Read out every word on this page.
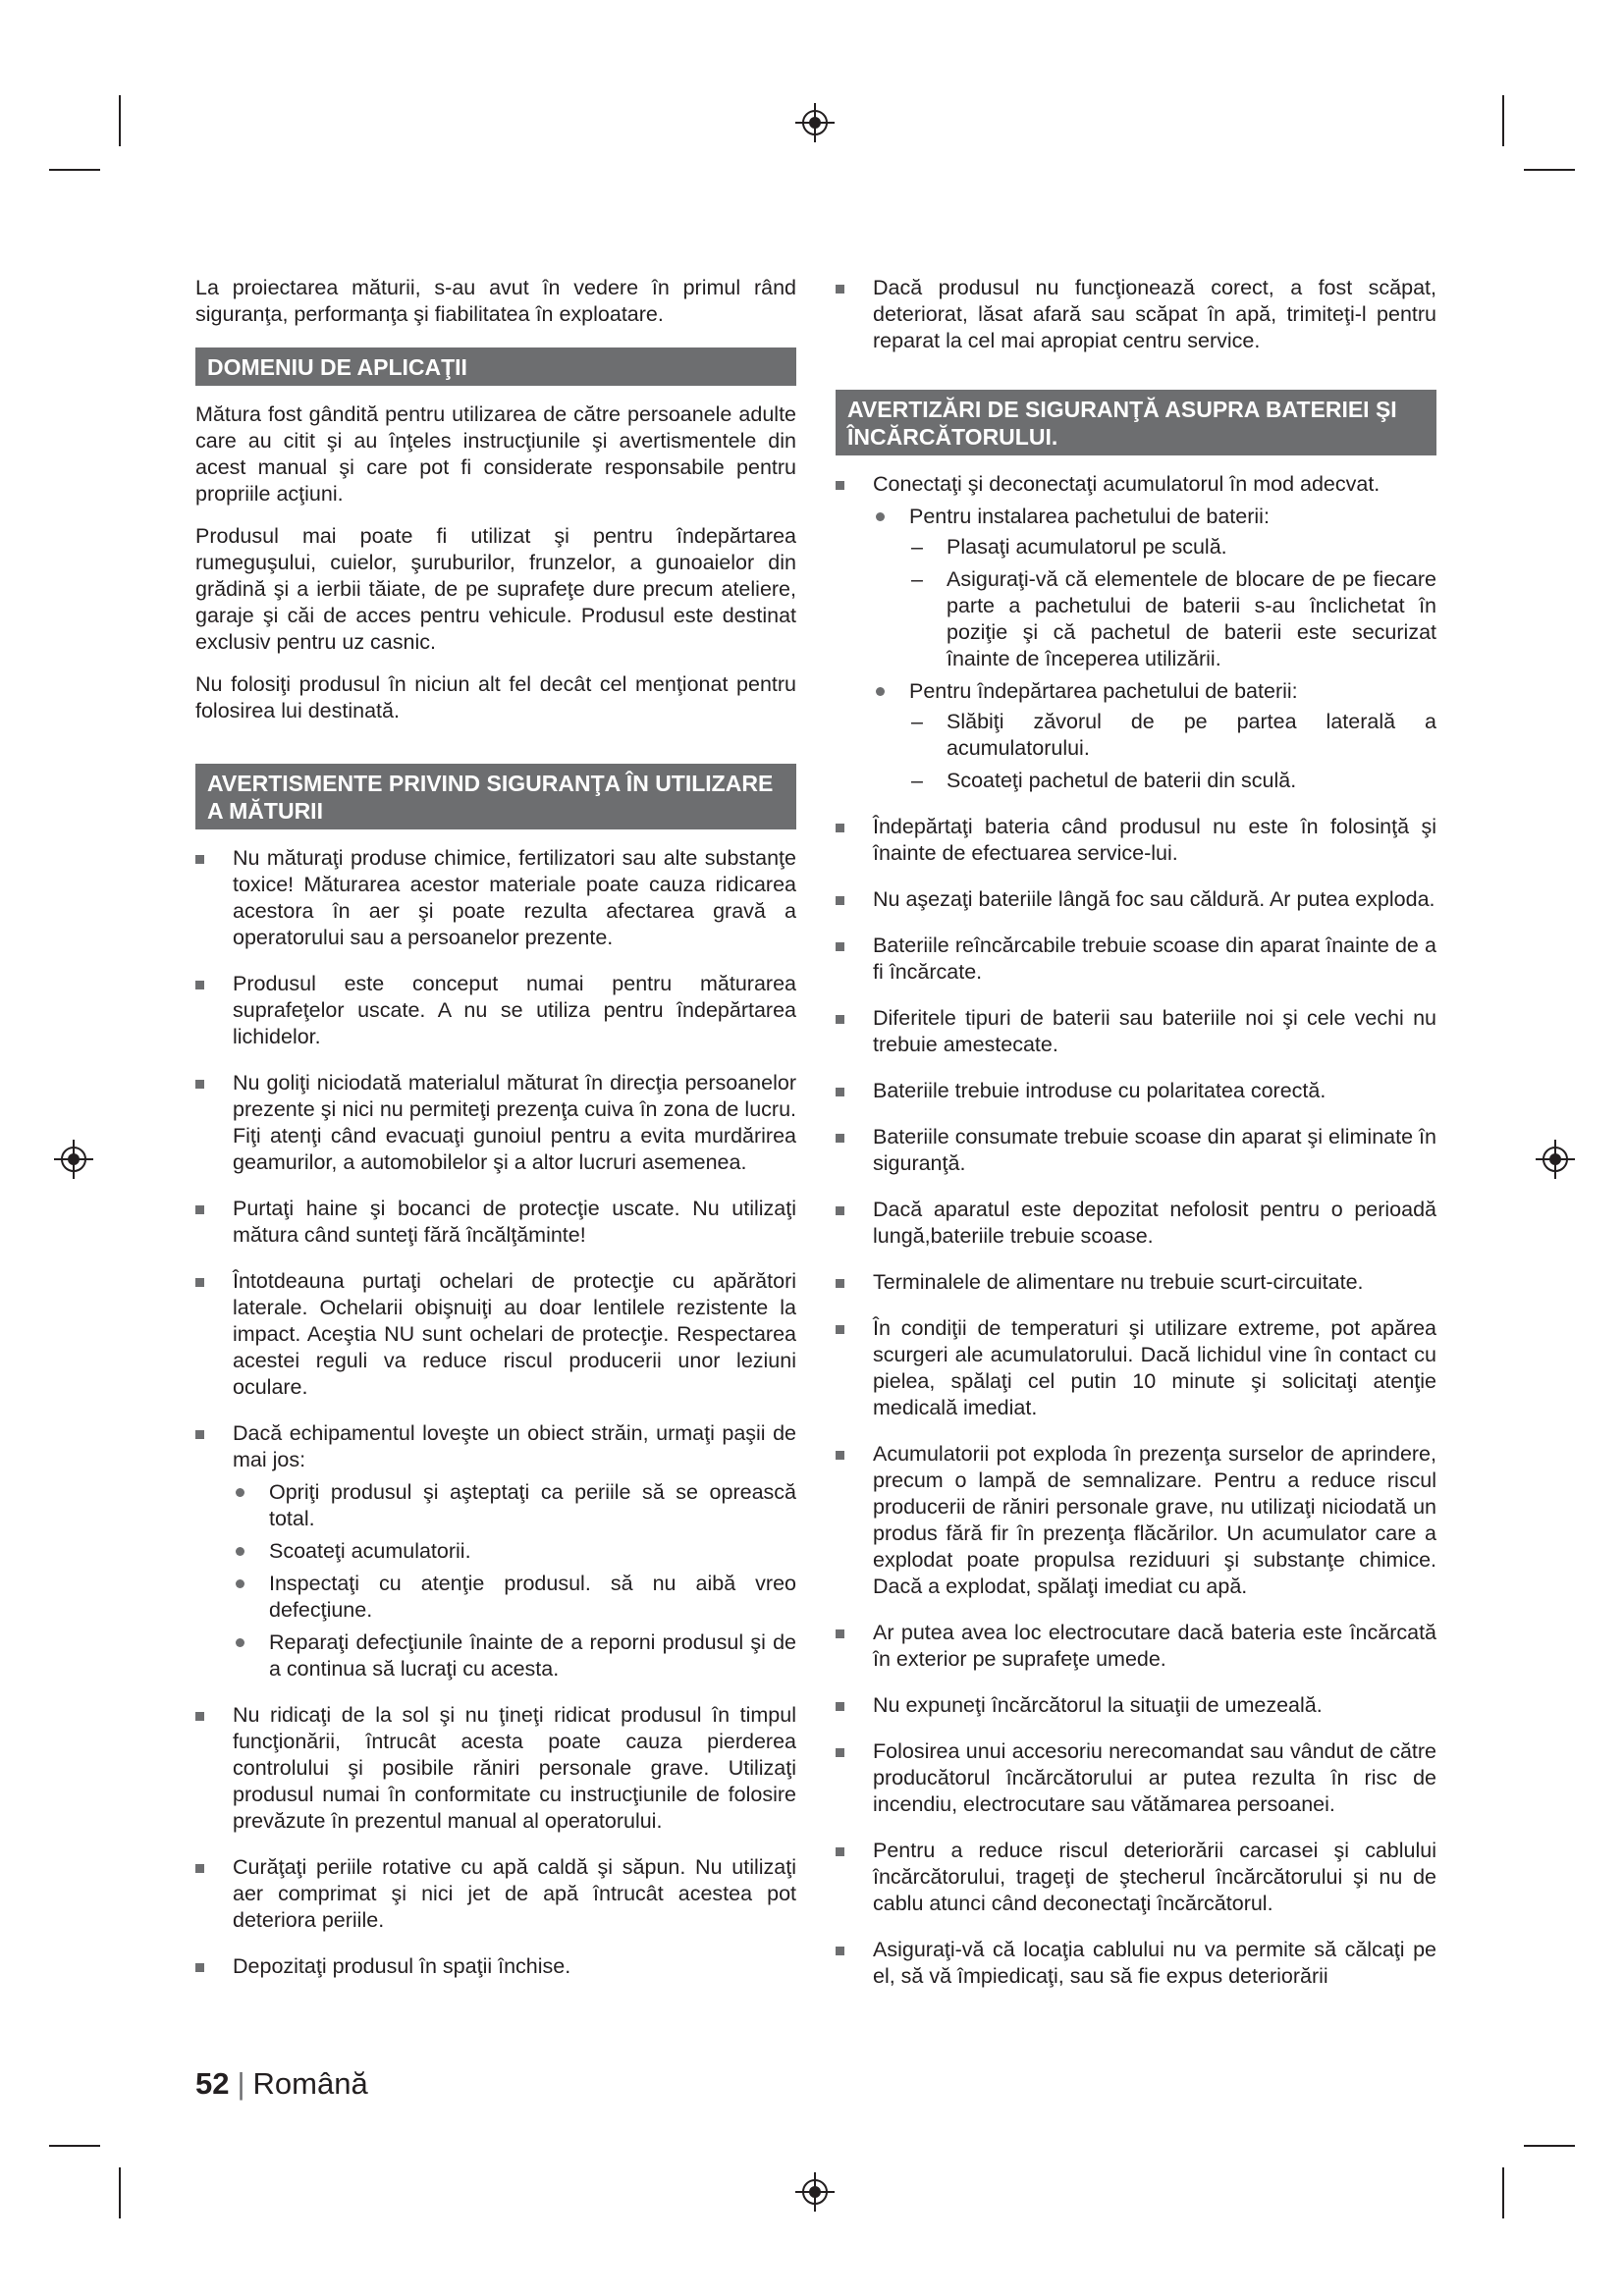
La proiectarea măturii, s-au avut în vedere în primul rând siguranţa, performanţa şi fiabilitatea în exploatare.

DOMENIU DE APLICAŢII

Mătura fost gândită pentru utilizarea de către persoanele adulte care au citit şi au înţeles instrucţiunile şi avertismentele din acest manual şi care pot fi considerate responsabile pentru propriile acţiuni.

Produsul mai poate fi utilizat şi pentru îndepărtarea rumeguşului, cuielor, şuruburilor, frunzelor, a gunoaielor din grădină şi a ierbii tăiate, de pe suprafeţe dure precum ateliere, garaje şi căi de acces pentru vehicule. Produsul este destinat exclusiv pentru uz casnic.

Nu folosiţi produsul în niciun alt fel decât cel menţionat pentru folosirea lui destinată.

AVERTISMENTE PRIVIND SIGURANŢA ÎN UTILIZARE A MĂTURII
Nu măturaţi produse chimice, fertilizatori sau alte substanţe toxice! Măturarea acestor materiale poate cauza ridicarea acestora în aer şi poate rezulta afectarea gravă a operatorului sau a persoanelor prezente.
Produsul este conceput numai pentru măturarea suprafeţelor uscate. A nu se utiliza pentru îndepărtarea lichidelor.
Nu goliţi niciodată materialul măturat în direcţia persoanelor prezente şi nici nu permiteţi prezenţa cuiva în zona de lucru. Fiţi atenţi când evacuaţi gunoiul pentru a evita murdărirea geamurilor, a automobilelor şi a altor lucruri asemenea.
Purtaţi haine şi bocanci de protecţie uscate. Nu utilizaţi mătura când sunteţi fără încălţăminte!
Întotdeauna purtaţi ochelari de protecţie cu apărători laterale. Ochelarii obişnuiţi au doar lentilele rezistente la impact. Aceştia NU sunt ochelari de protecţie. Respectarea acestei reguli va reduce riscul producerii unor leziuni oculare.
Dacă echipamentul loveşte un obiect străin, urmaţi paşii de mai jos:
Opriţi produsul şi aşteptaţi ca periile să se oprească total.
Scoateţi acumulatorii.
Inspectaţi cu atenţie produsul. să nu aibă vreo defecţiune.
Reparaţi defecţiunile înainte de a reporni produsul şi de a continua să lucraţi cu acesta.
Nu ridicaţi de la sol şi nu ţineţi ridicat produsul în timpul funcţionării, întrucât acesta poate cauza pierderea controlului şi posibile răniri personale grave. Utilizaţi produsul numai în conformitate cu instrucţiunile de folosire prevăzute în prezentul manual al operatorului.
Curăţaţi periile rotative cu apă caldă şi săpun. Nu utilizaţi aer comprimat şi nici jet de apă întrucât acestea pot deteriora periile.
Depozitaţi produsul în spaţii închise.
Dacă produsul nu funcţionează corect, a fost scăpat, deteriorat, lăsat afară sau scăpat în apă, trimiteţi-l pentru reparat la cel mai apropiat centru service.
AVERTIZĂRI DE SIGURANŢĂ ASUPRA BATERIEI ŞI ÎNCĂRCĂTORULUI.
Conectaţi şi deconectaţi acumulatorul în mod adecvat.
Pentru instalarea pachetului de baterii:
– Plasaţi acumulatorul pe sculă.
– Asiguraţi-vă că elementele de blocare de pe fiecare parte a pachetului de baterii s-au înclichetat în poziţie şi că pachetul de baterii este securizat înainte de începerea utilizării.
Pentru îndepărtarea pachetului de baterii:
– Slăbiţi zăvorul de pe partea laterală a acumulatorului.
– Scoateţi pachetul de baterii din sculă.
Îndepărtaţi bateria când produsul nu este în folosinţă şi înainte de efectuarea service-lui.
Nu aşezaţi bateriile lângă foc sau căldură. Ar putea exploda.
Bateriile reîncărcabile trebuie scoase din aparat înainte de a fi încărcate.
Diferitele tipuri de baterii sau bateriile noi şi cele vechi nu trebuie amestecate.
Bateriile trebuie introduse cu polaritatea corectă.
Bateriile consumate trebuie scoase din aparat şi eliminate în siguranţă.
Dacă aparatul este depozitat nefolosit pentru o perioadă lungă,bateriile trebuie scoase.
Terminalele de alimentare nu trebuie scurt-circuitate.
În condiţii de temperaturi şi utilizare extreme, pot apărea scurgeri ale acumulatorului. Dacă lichidul vine în contact cu pielea, spălaţi cel putin 10 minute şi solicitaţi atenţie medicală imediat.
Acumulatorii pot exploda în prezenţa surselor de aprindere, precum o lampă de semnalizare. Pentru a reduce riscul producerii de răniri personale grave, nu utilizaţi niciodată un produs fără fir în prezenţa flăcărilor. Un acumulator care a explodat poate propulsa reziduuri şi substanţe chimice. Dacă a explodat, spălaţi imediat cu apă.
Ar putea avea loc electrocutare dacă bateria este încărcată în exterior pe suprafeţe umede.
Nu expuneţi încărcătorul la situaţii de umezeală.
Folosirea unui accesoriu nerecomandat sau vândut de către producătorul încărcătorului ar putea rezulta în risc de incendiu, electrocutare sau vătămarea persoanei.
Pentru a reduce riscul deteriorării carcasei şi cablului încărcătorului, trageţi de ştecherul încărcătorului şi nu de cablu atunci când deconectaţi încărcătorul.
Asiguraţi-vă că locaţia cablului nu va permite să călcaţi pe el, să vă împiedicaţi, sau să fie expus deteriorării
52 | Română
